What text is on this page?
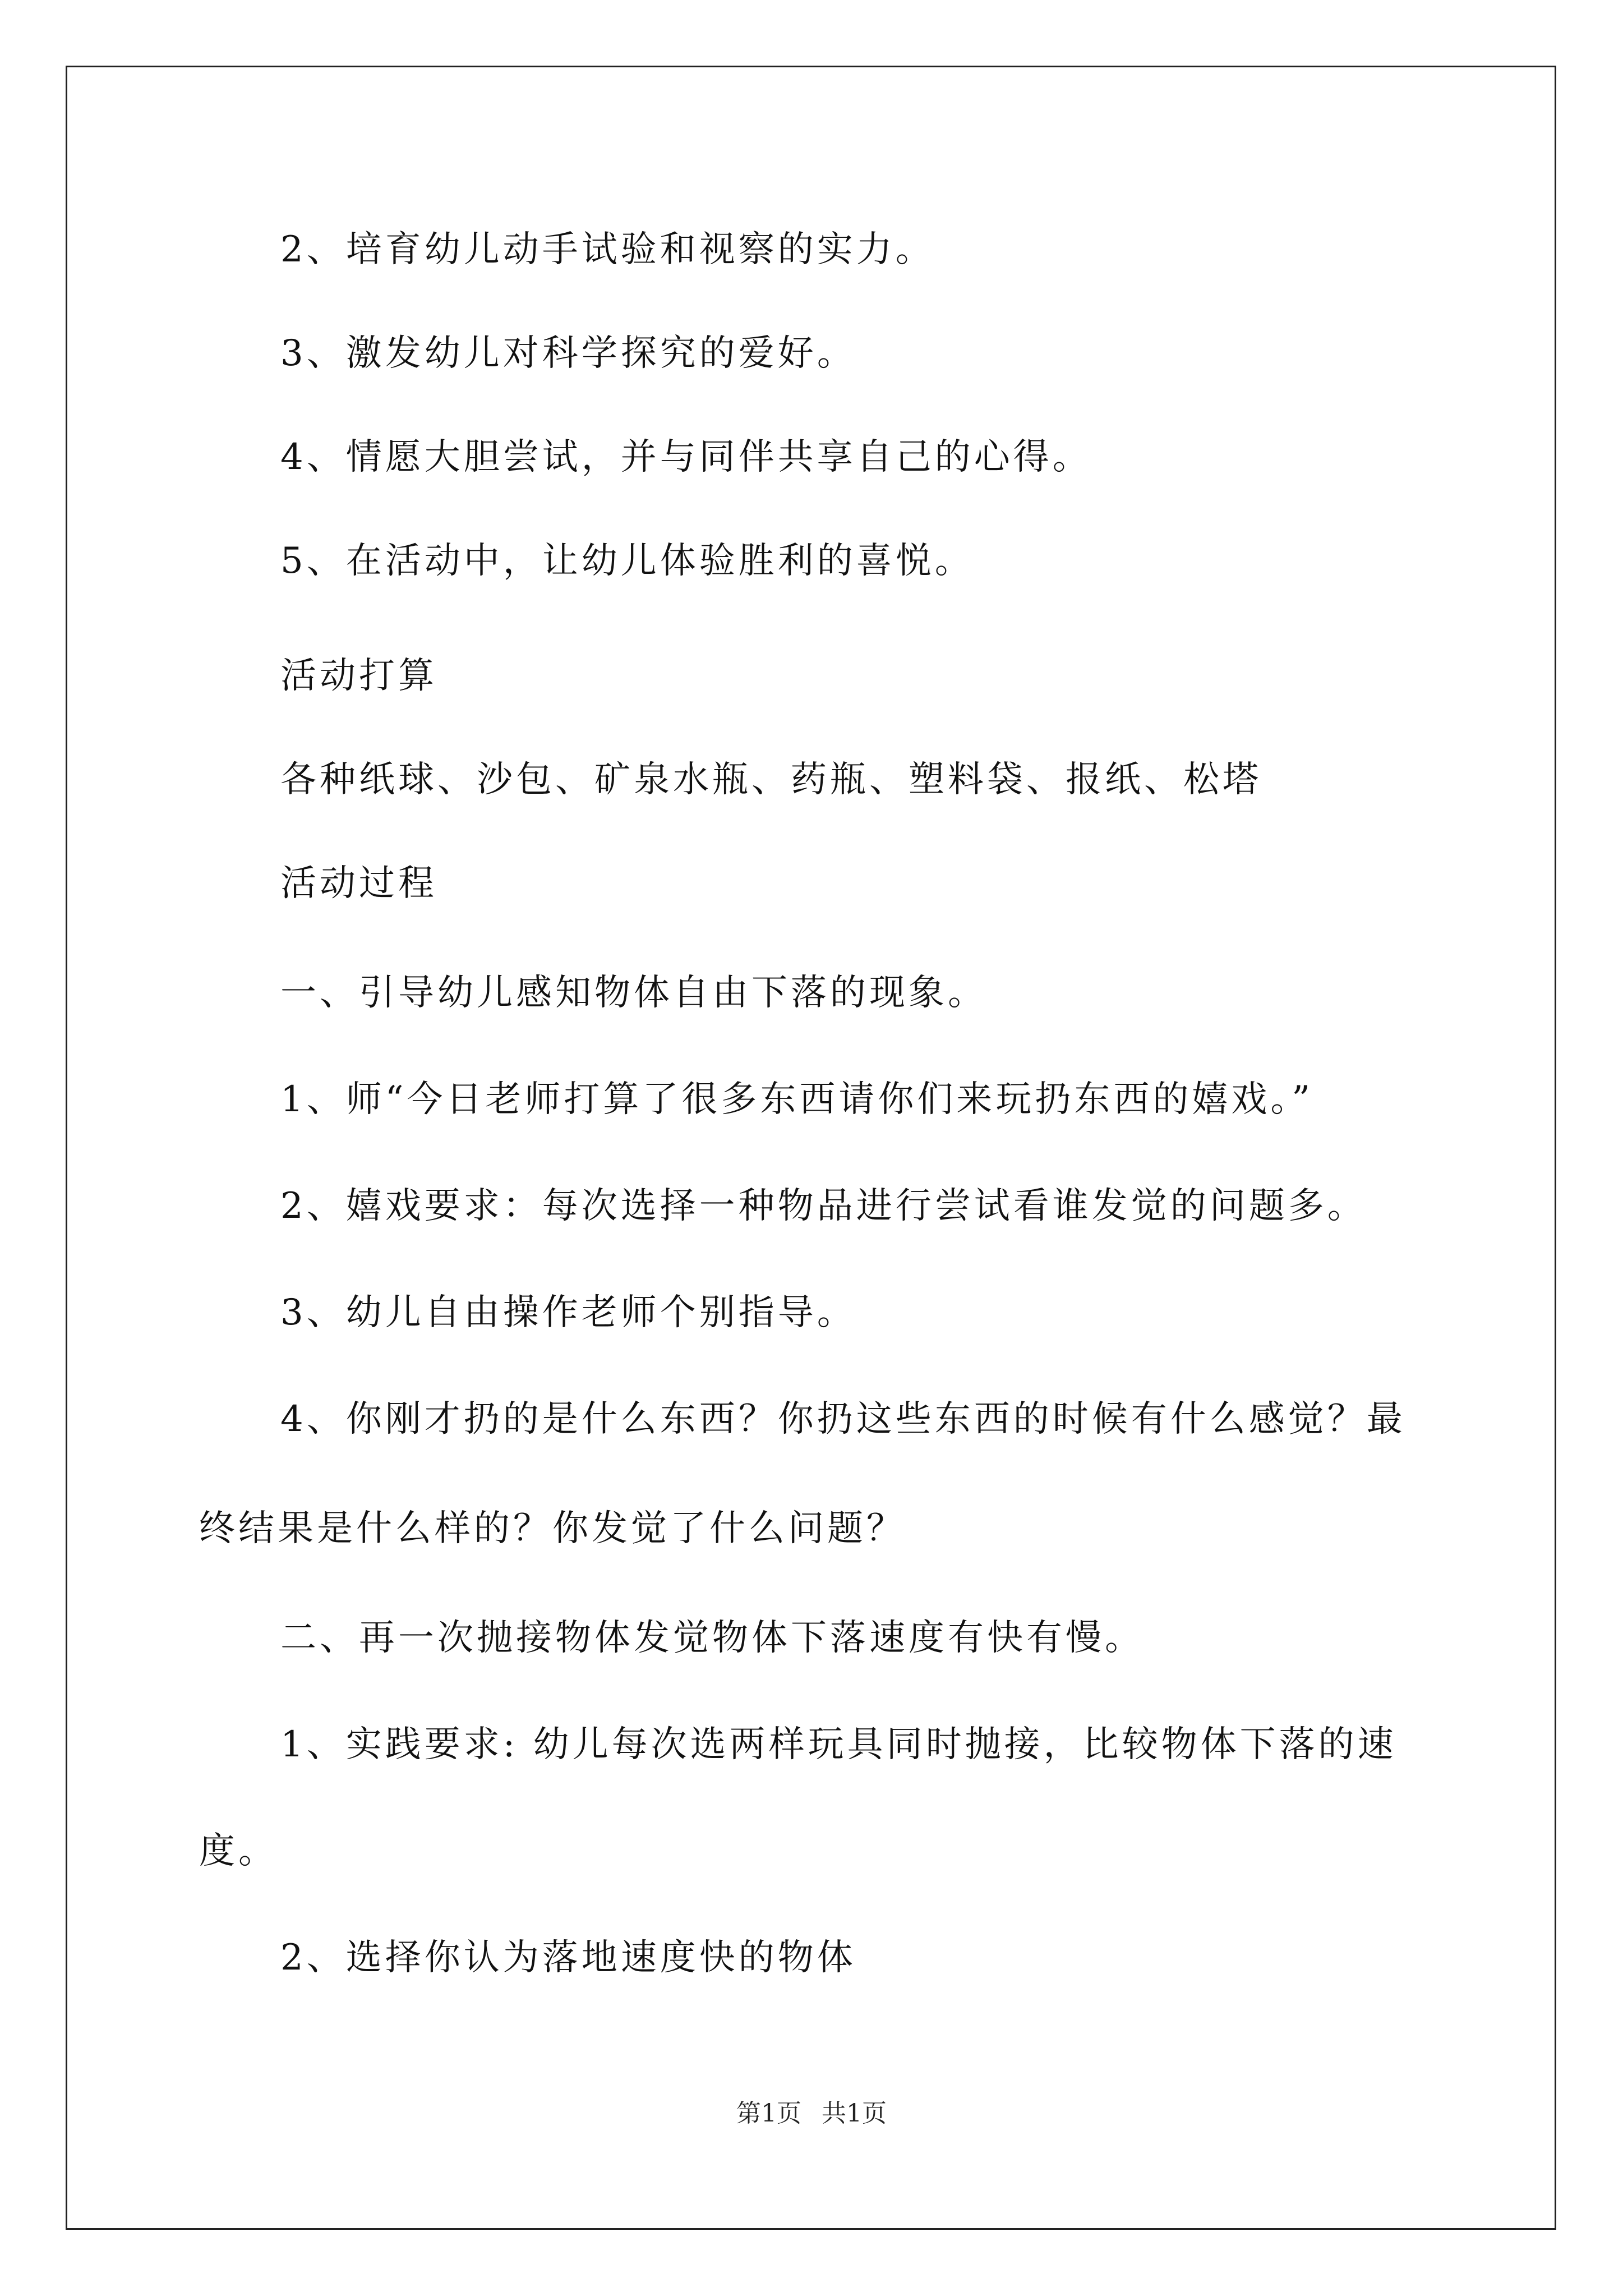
2、培育幼儿动手试验和视察的实力。
3、激发幼儿对科学探究的爱好。
4、情愿大胆尝试，并与同伴共享自己的心得。
5、在活动中，让幼儿体验胜利的喜悦。
活动打算
各种纸球、沙包、矿泉水瓶、药瓶、塑料袋、报纸、松塔
活动过程
一、引导幼儿感知物体自由下落的现象。
1、师“今日老师打算了很多东西请你们来玩扔东西的嬉戏。”
2、嬉戏要求：每次选择一种物品进行尝试看谁发觉的问题多。
3、幼儿自由操作老师个别指导。
4、你刚才扔的是什么东西？你扔这些东西的时候有什么感觉？最
终结果是什么样的？你发觉了什么问题？
二、再一次抛接物体发觉物体下落速度有快有慢。
1、实践要求: 幼儿每次选两样玩具同时抛接，比较物体下落的速
度。
2、选择你认为落地速度快的物体
第1页 共1页
